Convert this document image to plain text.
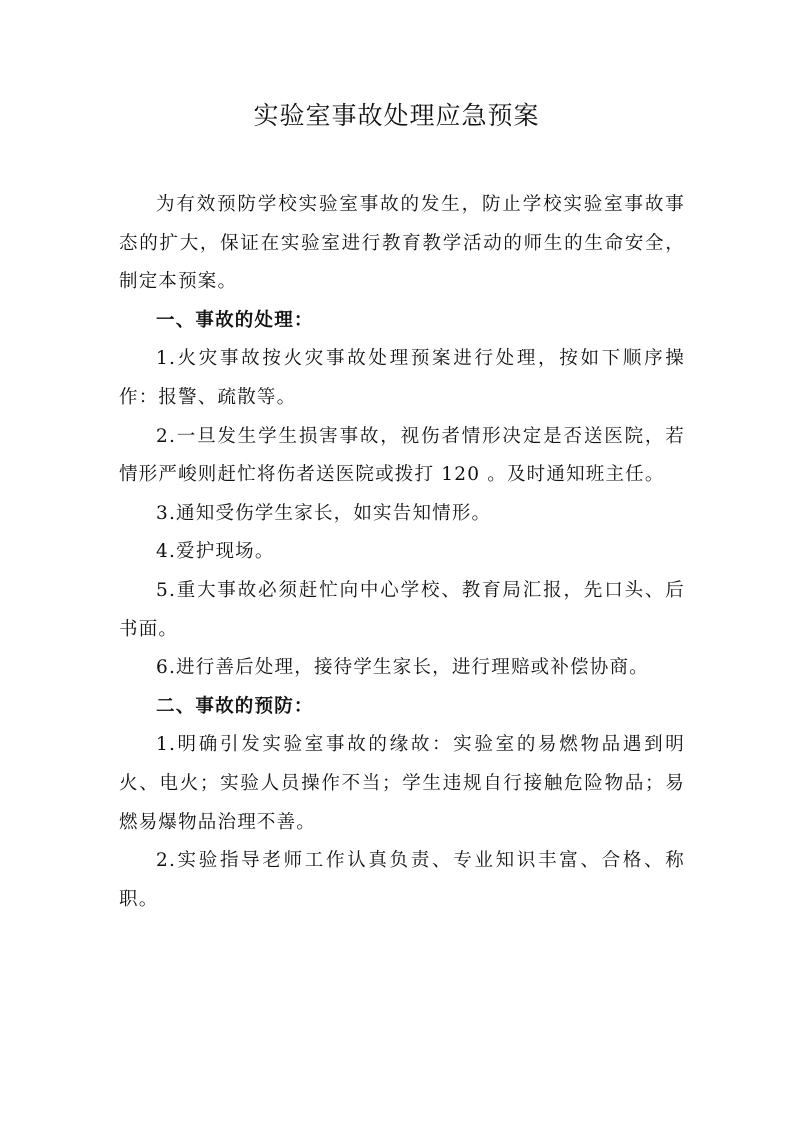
实验室事故处理应急预案

为有效预防学校实验室事故的发生，防止学校实验室事故事态的扩大，保证在实验室进行教育教学活动的师生的生命安全，制定本预案。

一、事故的处理：

1.火灾事故按火灾事故处理预案进行处理，按如下顺序操作：报警、疏散等。

2.一旦发生学生损害事故，视伤者情形决定是否送医院，若情形严峻则赶忙将伤者送医院或拨打 120 。及时通知班主任。

3.通知受伤学生家长，如实告知情形。

4.爱护现场。

5.重大事故必须赶忙向中心学校、教育局汇报，先口头、后书面。

6.进行善后处理，接待学生家长，进行理赔或补偿协商。

二、事故的预防：

1.明确引发实验室事故的缘故：实验室的易燃物品遇到明火、电火；实验人员操作不当；学生违规自行接触危险物品；易燃易爆物品治理不善。

2.实验指导老师工作认真负责、专业知识丰富、合格、称职。
